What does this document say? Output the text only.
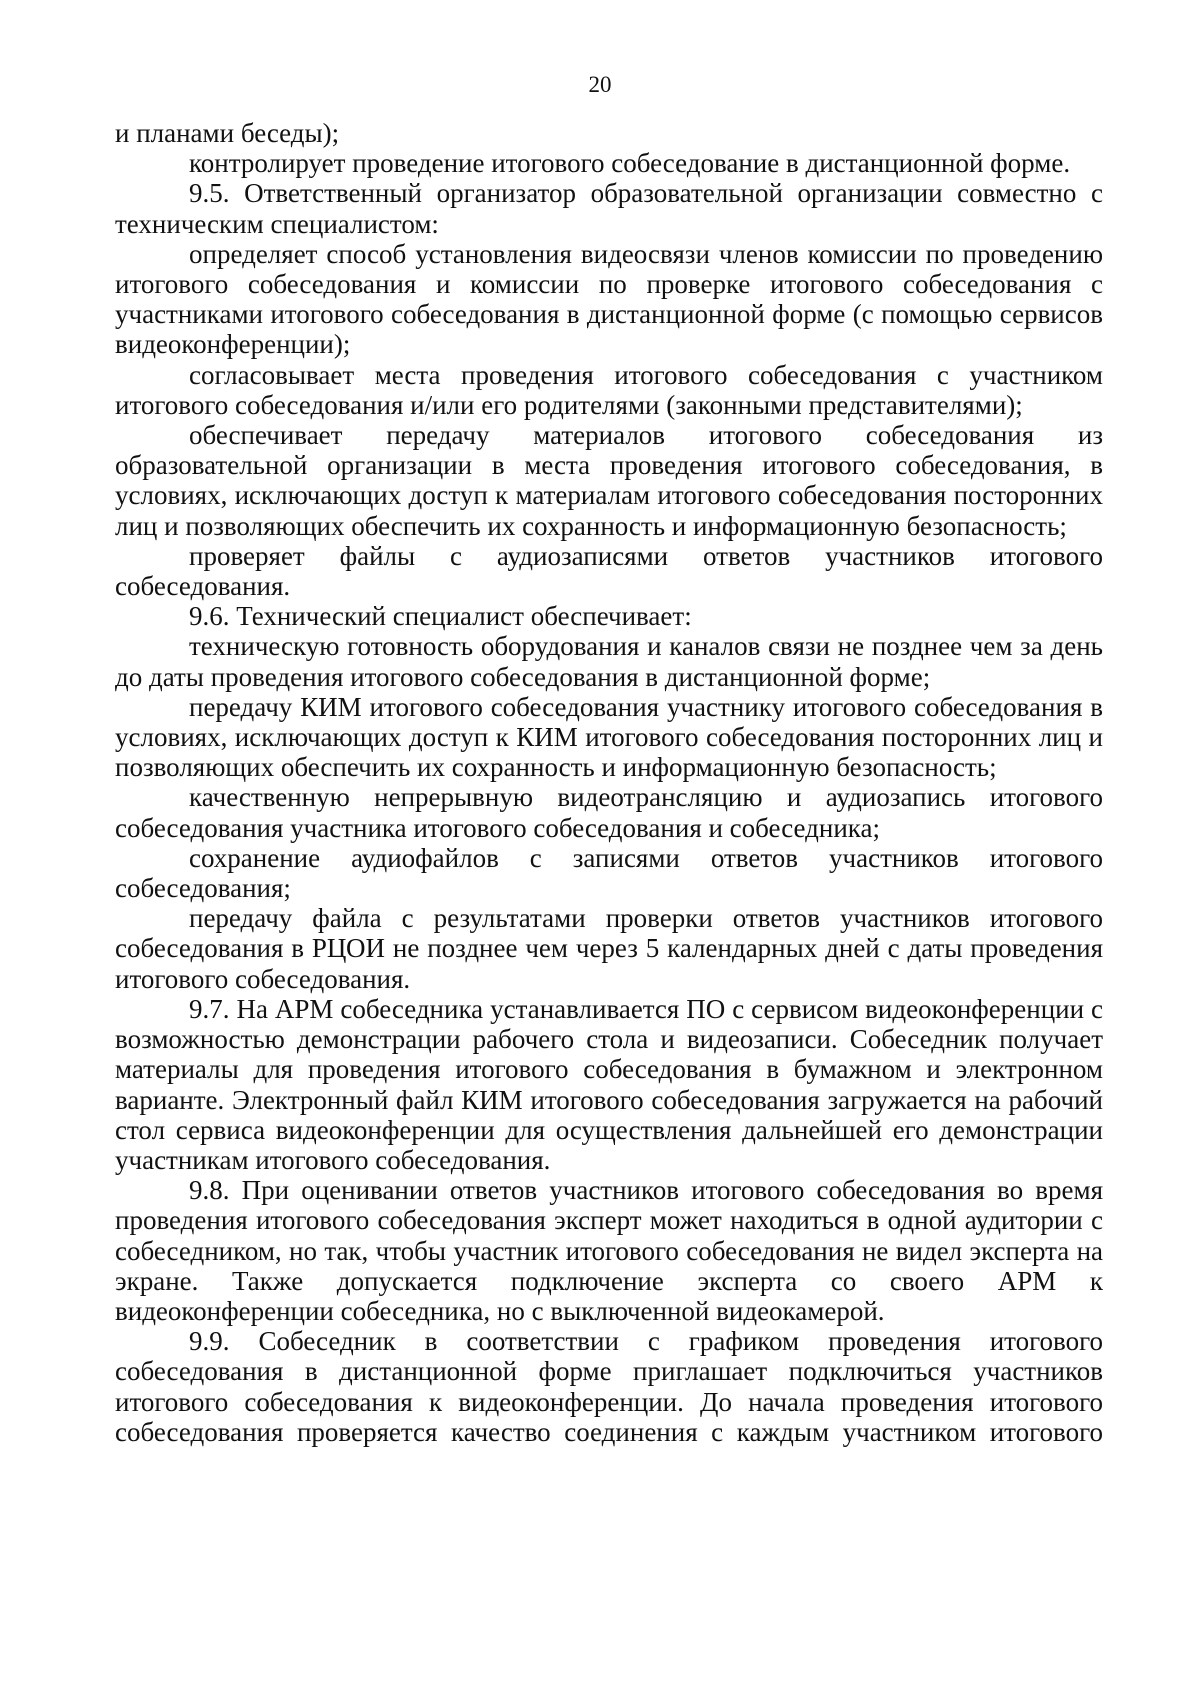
20

и планами беседы);

контролирует проведение итогового собеседование в дистанционной форме.

9.5. Ответственный организатор образовательной организации совместно с техническим специалистом:

определяет способ установления видеосвязи членов комиссии по проведению итогового собеседования и комиссии по проверке итогового собеседования с участниками итогового собеседования в дистанционной форме (с помощью сервисов видеоконференции);

согласовывает места проведения итогового собеседования с участником итогового собеседования и/или его родителями (законными представителями);

обеспечивает передачу материалов итогового собеседования из образовательной организации в места проведения итогового собеседования, в условиях, исключающих доступ к материалам итогового собеседования посторонних лиц и позволяющих обеспечить их сохранность и информационную безопасность;

проверяет файлы с аудиозаписями ответов участников итогового собеседования.

9.6. Технический специалист обеспечивает:

техническую готовность оборудования и каналов связи не позднее чем за день до даты проведения итогового собеседования в дистанционной форме;

передачу КИМ итогового собеседования участнику итогового собеседования в условиях, исключающих доступ к КИМ итогового собеседования посторонних лиц и позволяющих обеспечить их сохранность и информационную безопасность;

качественную непрерывную видеотрансляцию и аудиозапись итогового собеседования участника итогового собеседования и собеседника;

сохранение аудиофайлов с записями ответов участников итогового собеседования;

передачу файла с результатами проверки ответов участников итогового собеседования в РЦОИ не позднее чем через 5 календарных дней с даты проведения итогового собеседования.

9.7. На АРМ собеседника устанавливается ПО с сервисом видеоконференции с возможностью демонстрации рабочего стола и видеозаписи. Собеседник получает материалы для проведения итогового собеседования в бумажном и электронном варианте. Электронный файл КИМ итогового собеседования загружается на рабочий стол сервиса видеоконференции для осуществления дальнейшей его демонстрации участникам итогового собеседования.

9.8. При оценивании ответов участников итогового собеседования во время проведения итогового собеседования эксперт может находиться в одной аудитории с собеседником, но так, чтобы участник итогового собеседования не видел эксперта на экране. Также допускается подключение эксперта со своего АРМ к видеоконференции собеседника, но с выключенной видеокамерой.

9.9. Собеседник в соответствии с графиком проведения итогового собеседования в дистанционной форме приглашает подключиться участников итогового собеседования к видеоконференции. До начала проведения итогового собеседования проверяется качество соединения с каждым участником итогового
